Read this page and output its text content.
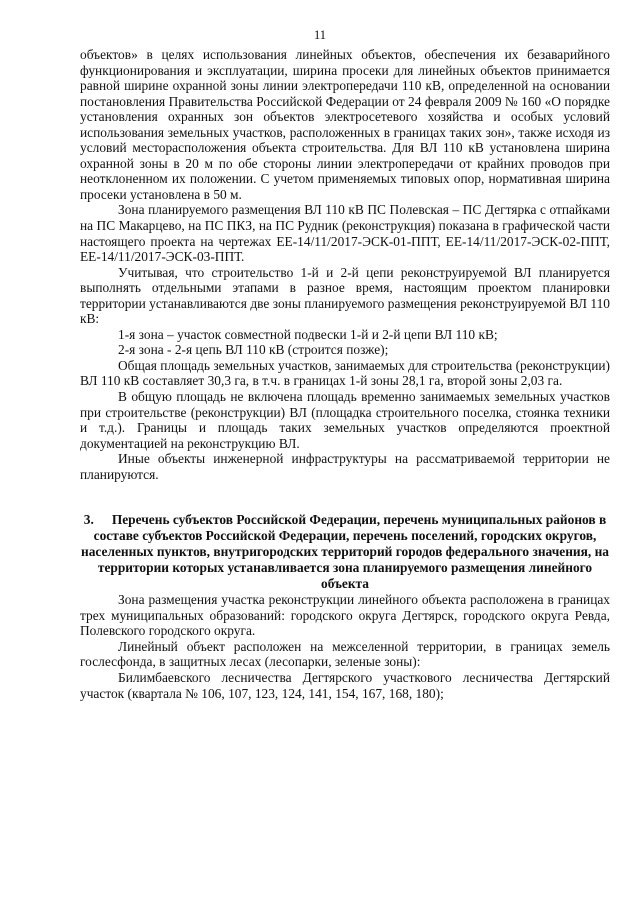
11

объектов» в целях использования линейных объектов, обеспечения их безаварийного функционирования и эксплуатации, ширина просеки для линейных объектов принимается равной ширине охранной зоны линии электропередачи 110 кВ, определенной на основании постановления Правительства Российской Федерации от 24 февраля 2009 № 160 «О порядке установления охранных зон объектов электросетевого хозяйства и особых условий использования земельных участков, расположенных в границах таких зон», также исходя из условий месторасположения объекта строительства. Для ВЛ 110 кВ установлена ширина охранной зоны в 20 м по обе стороны линии электропередачи от крайних проводов при неотклоненном их положении. С учетом применяемых типовых опор, нормативная ширина просеки установлена в 50 м.

Зона планируемого размещения ВЛ 110 кВ ПС Полевская – ПС Дегтярка с отпайками на ПС Макарцево, на ПС ПКЗ, на ПС Рудник (реконструкция) показана в графической части настоящего проекта на чертежах ЕЕ-14/11/2017-ЭСК-01-ППТ, ЕЕ-14/11/2017-ЭСК-02-ППТ, ЕЕ-14/11/2017-ЭСК-03-ППТ.

Учитывая, что строительство 1-й и 2-й цепи реконструируемой ВЛ планируется выполнять отдельными этапами в разное время, настоящим проектом планировки территории устанавливаются две зоны планируемого размещения реконструируемой ВЛ 110 кВ:

1-я зона – участок совместной подвески 1-й и 2-й цепи ВЛ 110 кВ;

2-я зона - 2-я цепь ВЛ 110 кВ (строится позже);

Общая площадь земельных участков, занимаемых для строительства (реконструкции) ВЛ 110 кВ составляет 30,3 га, в т.ч. в границах 1-й зоны 28,1 га, второй зоны 2,03 га.

В общую площадь не включена площадь временно занимаемых земельных участков при строительстве (реконструкции) ВЛ (площадка строительного поселка, стоянка техники и т.д.). Границы и площадь таких земельных участков определяются проектной документацией на реконструкцию ВЛ.

Иные объекты инженерной инфраструктуры на рассматриваемой территории не планируются.

3. Перечень субъектов Российской Федерации, перечень муниципальных районов в составе субъектов Российской Федерации, перечень поселений, городских округов, населенных пунктов, внутригородских территорий городов федерального значения, на территории которых устанавливается зона планируемого размещения линейного объекта

Зона размещения участка реконструкции линейного объекта расположена в границах трех муниципальных образований: городского округа Дегтярск, городского округа Ревда, Полевского городского округа.

Линейный объект расположен на межселенной территории, в границах земель гослесфонда, в защитных лесах (лесопарки, зеленые зоны):

Билимбаевского лесничества Дегтярского участкового лесничества Дегтярский участок (квартала № 106, 107, 123, 124, 141, 154, 167, 168, 180);
